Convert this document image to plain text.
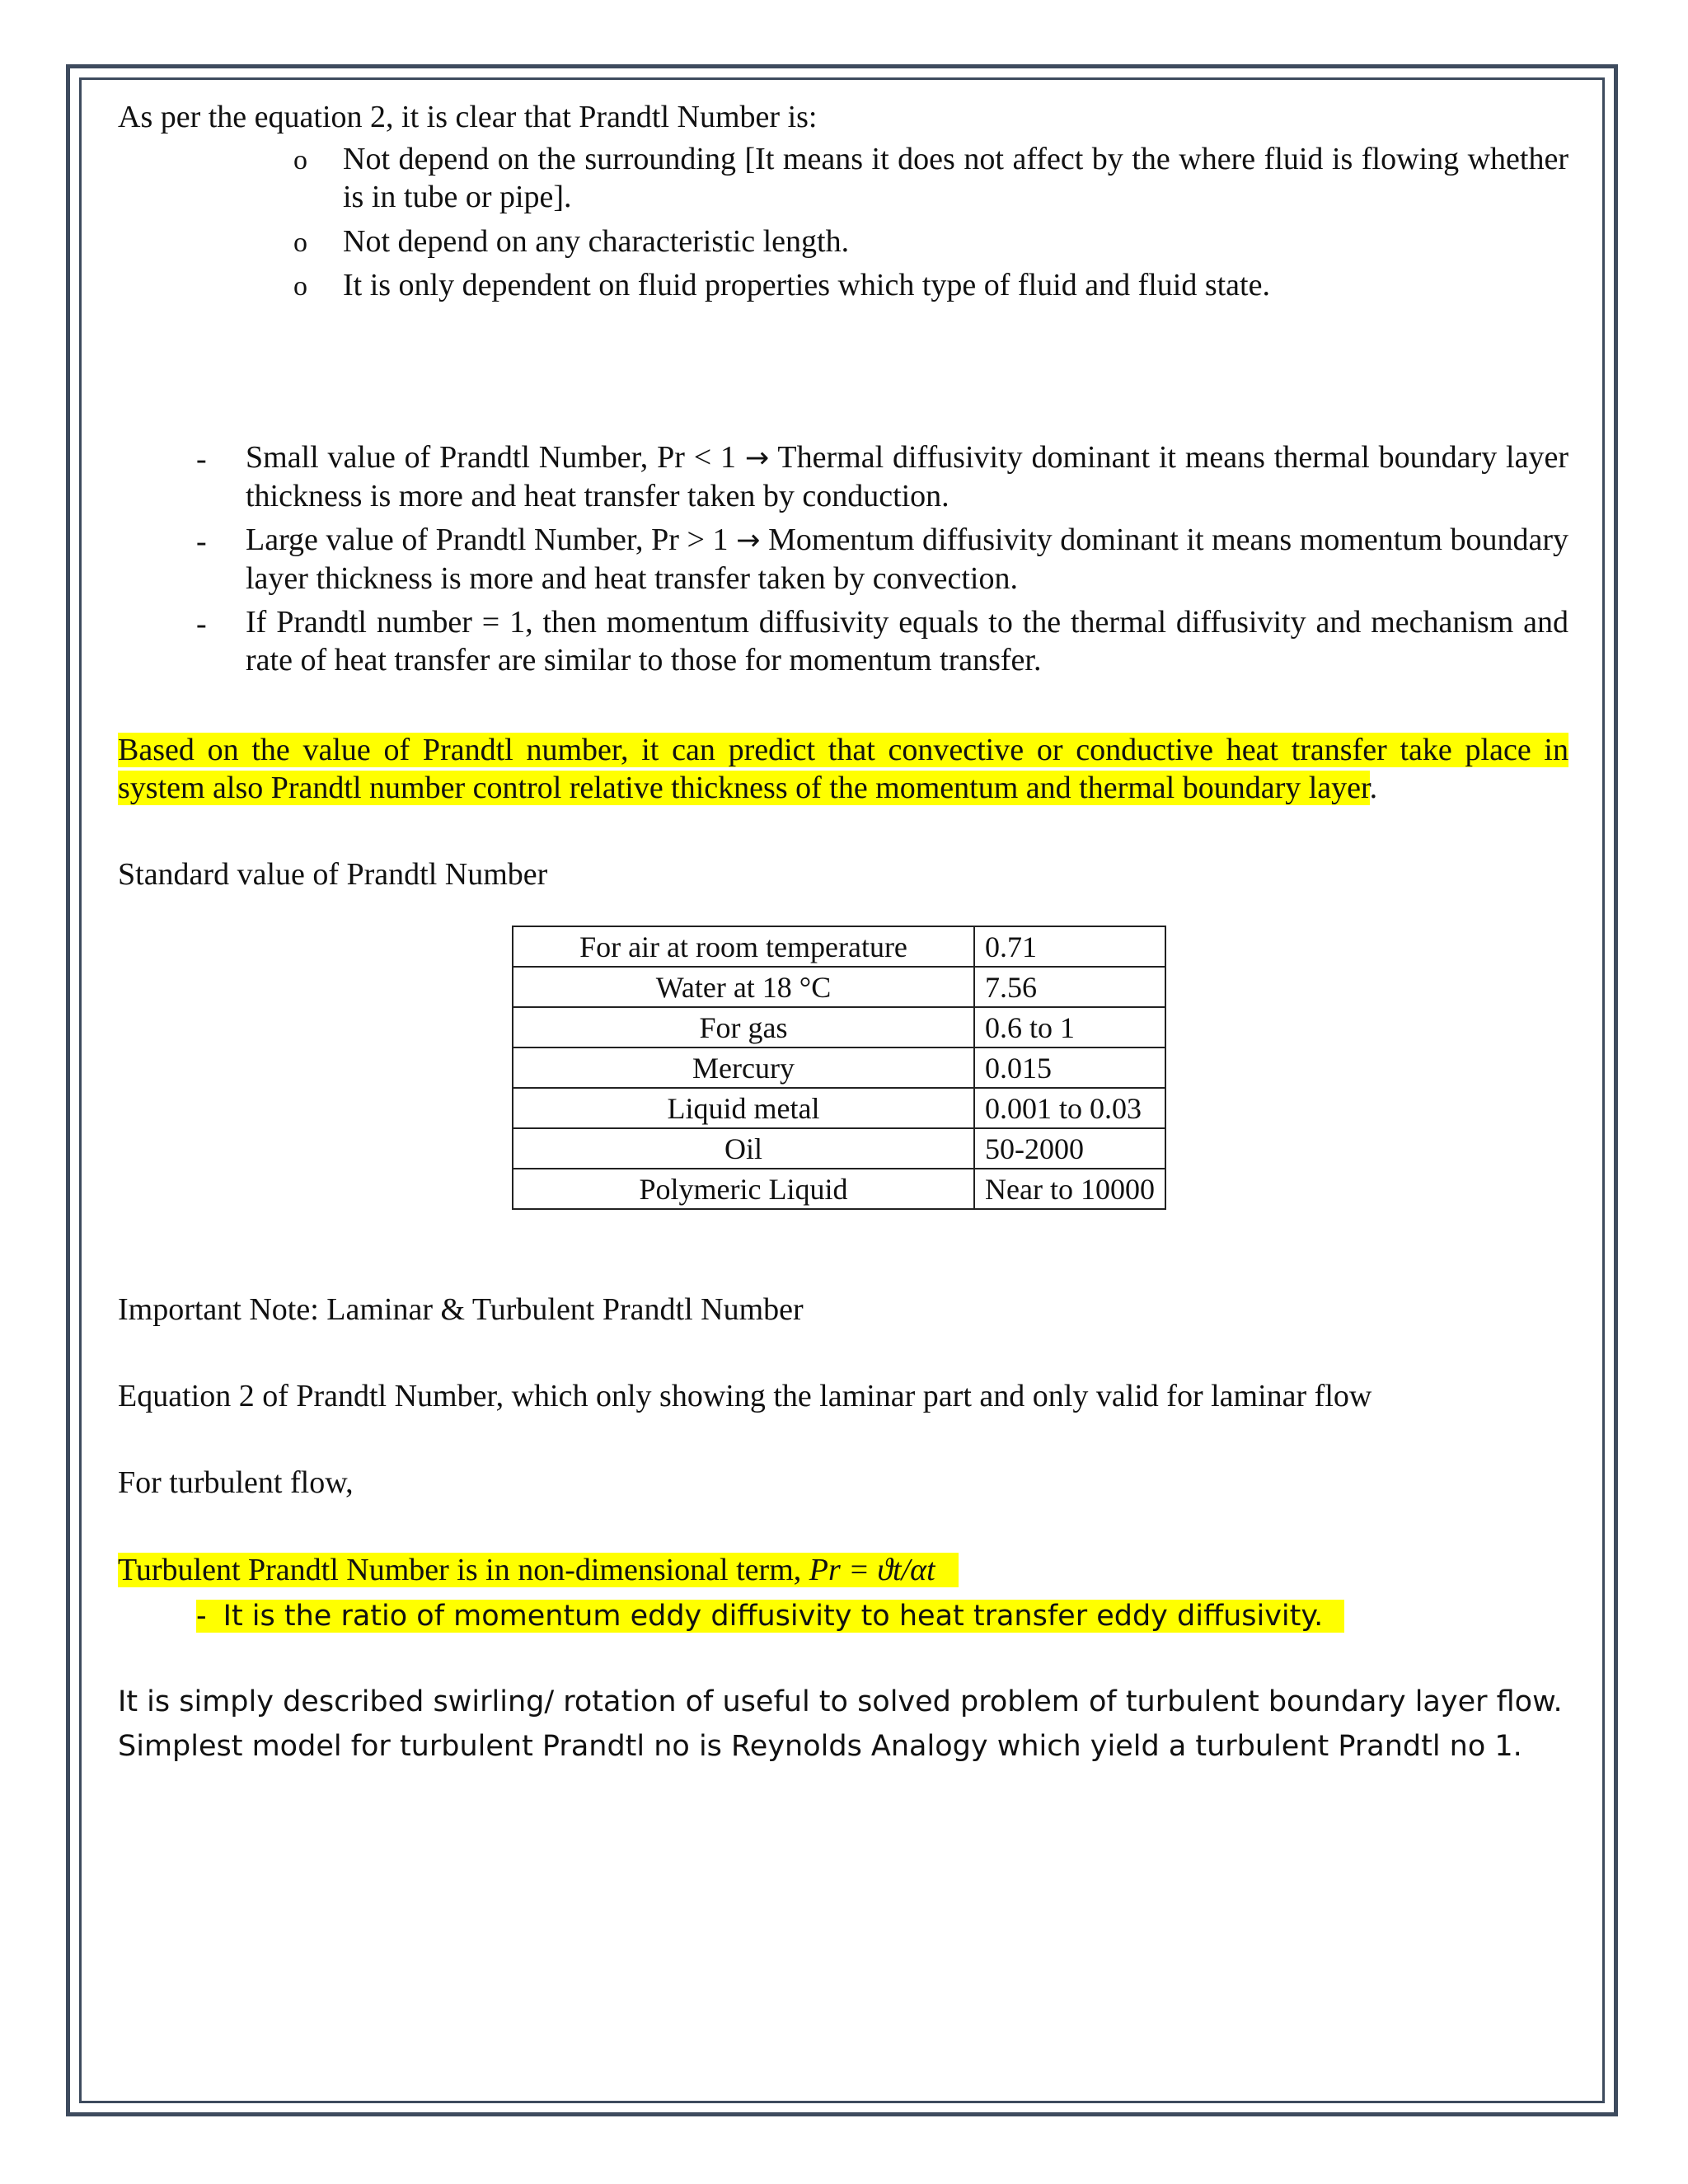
As per the equation 2, it is clear that Prandtl Number is:
o Not depend on the surrounding [It means it does not affect by the where fluid is flowing whether is in tube or pipe].
o Not depend on any characteristic length.
o It is only dependent on fluid properties which type of fluid and fluid state.
- Small value of Prandtl Number, Pr < 1 → Thermal diffusivity dominant it means thermal boundary layer thickness is more and heat transfer taken by conduction.
- Large value of Prandtl Number, Pr > 1 → Momentum diffusivity dominant it means momentum boundary layer thickness is more and heat transfer taken by convection.
- If Prandtl number = 1, then momentum diffusivity equals to the thermal diffusivity and mechanism and rate of heat transfer are similar to those for momentum transfer.
Based on the value of Prandtl number, it can predict that convective or conductive heat transfer take place in system also Prandtl number control relative thickness of the momentum and thermal boundary layer.
Standard value of Prandtl Number
For air at room temperature	0.71
Water at 18 °C	7.56
For gas	0.6 to 1
Mercury	0.015
Liquid metal	0.001 to 0.03
Oil	50-2000
Polymeric Liquid	Near to 10000
Important Note: Laminar & Turbulent Prandtl Number
Equation 2 of Prandtl Number, which only showing the laminar part and only valid for laminar flow
For turbulent flow,
Turbulent Prandtl Number is in non-dimensional term, Pr = ϑt/αt
- It is the ratio of momentum eddy diffusivity to heat transfer eddy diffusivity.
It is simply described swirling/ rotation of useful to solved problem of turbulent boundary layer flow.
Simplest model for turbulent Prandtl no is Reynolds Analogy which yield a turbulent Prandtl no 1.
